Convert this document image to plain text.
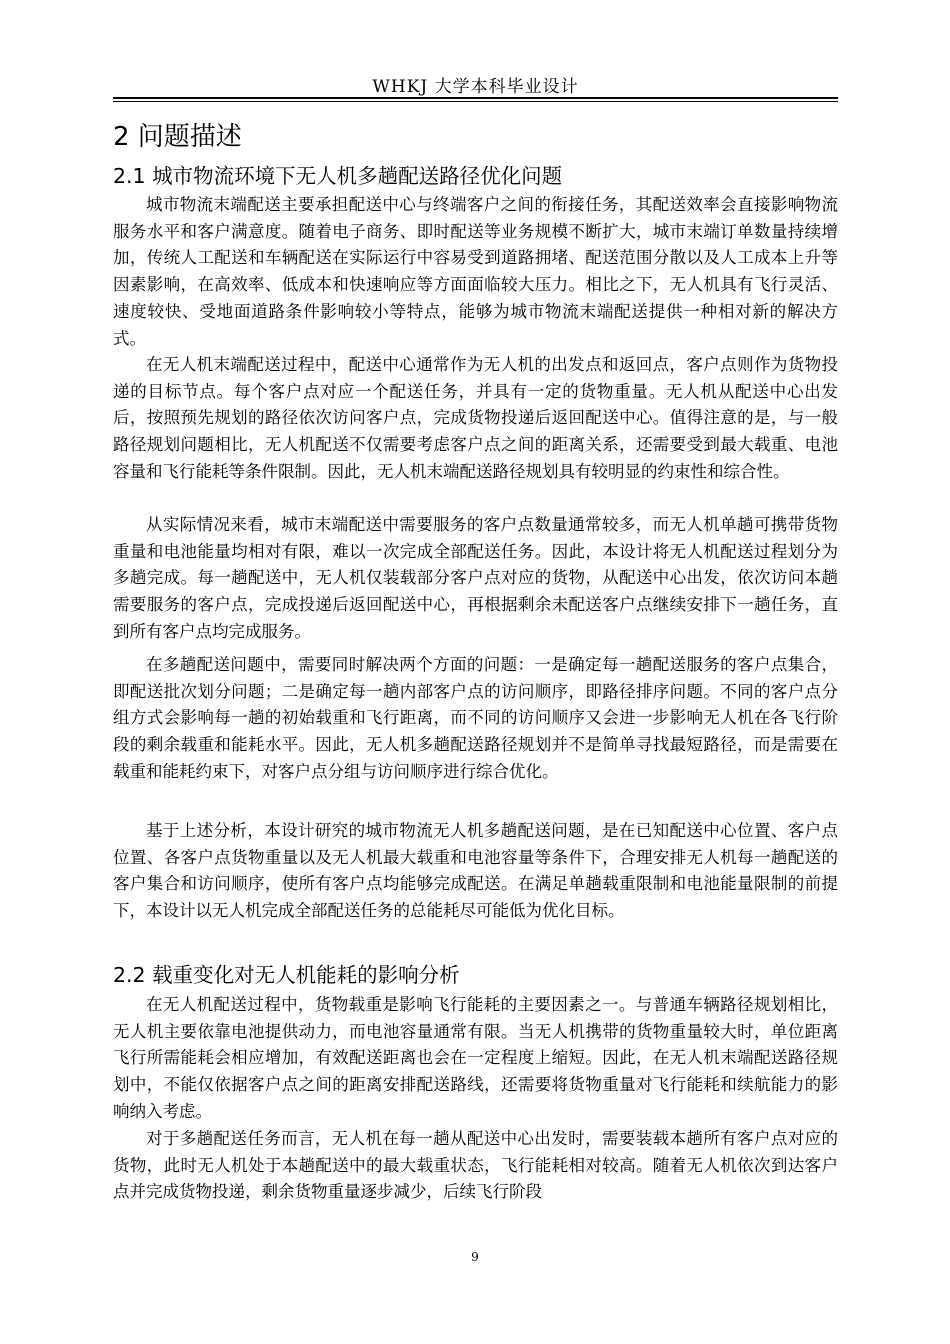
WHKJ 大学本科毕业设计
2 问题描述
2.1 城市物流环境下无人机多趟配送路径优化问题

城市物流末端配送主要承担配送中心与终端客户之间的衔接任务，其配送效率会直接影响物流服务水平和客户满意度。随着电子商务、即时配送等业务规模不断扩大，城市末端订单数量持续增加，传统人工配送和车辆配送在实际运行中容易受到道路拥堵、配送范围分散以及人工成本上升等因素影响，在高效率、低成本和快速响应等方面面临较大压力。相比之下，无人机具有飞行灵活、速度较快、受地面道路条件影响较小等特点，能够为城市物流末端配送提供一种相对新的解决方式。

在无人机末端配送过程中，配送中心通常作为无人机的出发点和返回点，客户点则作为货物投递的目标节点。每个客户点对应一个配送任务，并具有一定的货物重量。无人机从配送中心出发后，按照预先规划的路径依次访问客户点，完成货物投递后返回配送中心。值得注意的是，与一般路径规划问题相比，无人机配送不仅需要考虑客户点之间的距离关系，还需要受到最大载重、电池容量和飞行能耗等条件限制。因此，无人机末端配送路径规划具有较明显的约束性和综合性。

从实际情况来看，城市末端配送中需要服务的客户点数量通常较多，而无人机单趟可携带货物重量和电池能量均相对有限，难以一次完成全部配送任务。因此，本设计将无人机配送过程划分为多趟完成。每一趟配送中，无人机仅装载部分客户点对应的货物，从配送中心出发，依次访问本趟需要服务的客户点，完成投递后返回配送中心，再根据剩余未配送客户点继续安排下一趟任务，直到所有客户点均完成服务。

在多趟配送问题中，需要同时解决两个方面的问题：一是确定每一趟配送服务的客户点集合，即配送批次划分问题；二是确定每一趟内部客户点的访问顺序，即路径排序问题。不同的客户点分组方式会影响每一趟的初始载重和飞行距离，而不同的访问顺序又会进一步影响无人机在各飞行阶段的剩余载重和能耗水平。因此，无人机多趟配送路径规划并不是简单寻找最短路径，而是需要在载重和能耗约束下，对客户点分组与访问顺序进行综合优化。

基于上述分析，本设计研究的城市物流无人机多趟配送问题，是在已知配送中心位置、客户点位置、各客户点货物重量以及无人机最大载重和电池容量等条件下，合理安排无人机每一趟配送的客户集合和访问顺序，使所有客户点均能够完成配送。在满足单趟载重限制和电池能量限制的前提下，本设计以无人机完成全部配送任务的总能耗尽可能低为优化目标。

2.2 载重变化对无人机能耗的影响分析

在无人机配送过程中，货物载重是影响飞行能耗的主要因素之一。与普通车辆路径规划相比，无人机主要依靠电池提供动力，而电池容量通常有限。当无人机携带的货物重量较大时，单位距离飞行所需能耗会相应增加，有效配送距离也会在一定程度上缩短。因此，在无人机末端配送路径规划中，不能仅依据客户点之间的距离安排配送路线，还需要将货物重量对飞行能耗和续航能力的影响纳入考虑。

对于多趟配送任务而言，无人机在每一趟从配送中心出发时，需要装载本趟所有客户点对应的货物，此时无人机处于本趟配送中的最大载重状态，飞行能耗相对较高。随着无人机依次到达客户点并完成货物投递，剩余货物重量逐步减少，后续飞行阶段

9
